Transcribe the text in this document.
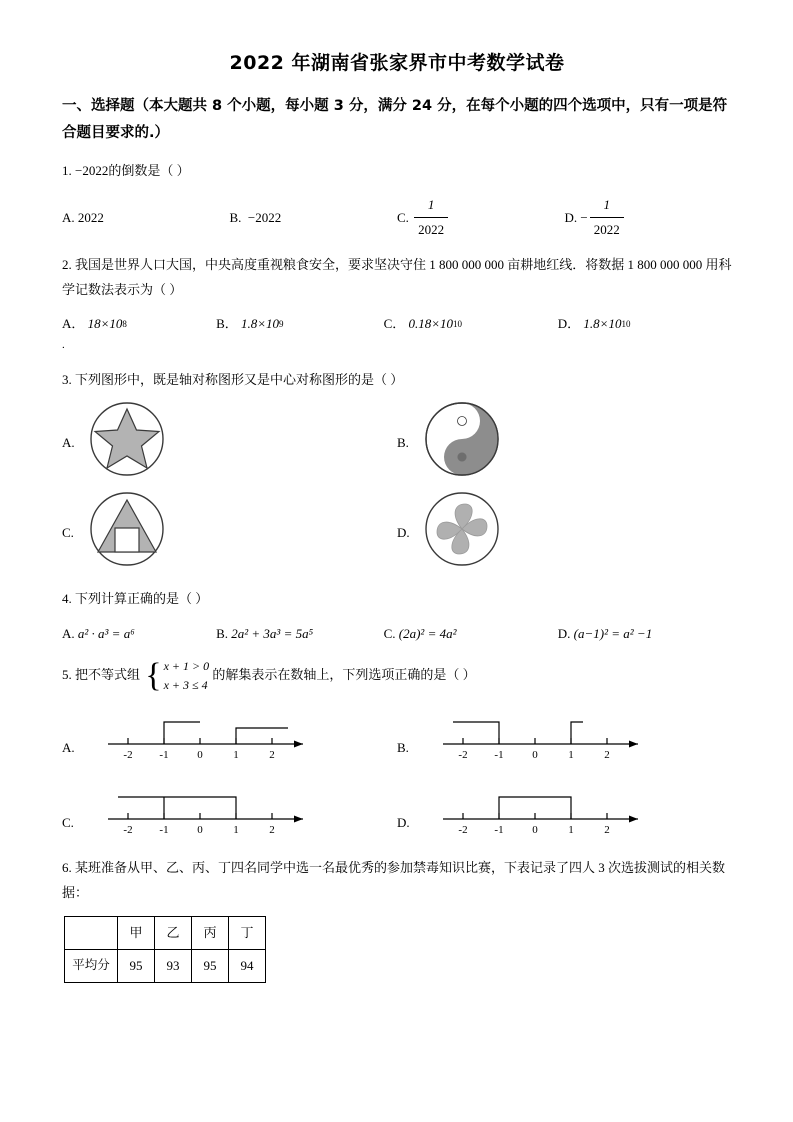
2022 年湖南省张家界市中考数学试卷
一、选择题（本大题共 8 个小题，每小题 3 分，满分 24 分，在每个小题的四个选项中，只有一项是符合题目要求的.）
1. −2022的倒数是（ ）
A.
2022	B.
−2022	C.
$\frac{1}{2022}$	D.
− $\frac{1}{2022}$
2. 我国是世界人口大国，中央高度重视粮食安全，要求坚决守住 1 800 000 000 亩耕地红线．将数据 1 800 000 000 用科学记数法表示为（ ）
A．
18×10 8	B．
1.8×10 9	C．
0.18×10 10	D．
1.8×10 10
.
3. 下列图形中，既是轴对称图形又是中心对称图形的是（ ）
A.	B.
C.	D.
4. 下列计算正确的是（ ）
A.
a² · a³ = a⁶	B.
2a² + 3a³ = 5a⁵	C.
(2a)² = 4a²	D.
(a−1)² = a² −1
5. 把不等式组 { x + 1 > 0
x + 3 ≤ 4
的解集表示在数轴上，下列选项正确的是（ ）
A.	-2 -1	0	1	2	B.	-2 -1	0	1	2
C.	-2 -1	0	1	2	D.	-2 -1	0	1	2
6. 某班准备从甲、乙、丙、丁四名同学中选一名最优秀的参加禁毒知识比赛，下表记录了四人 3 次选拔测试的相关数据：
	甲	乙	丙	丁
平均分	95	93	95	94
